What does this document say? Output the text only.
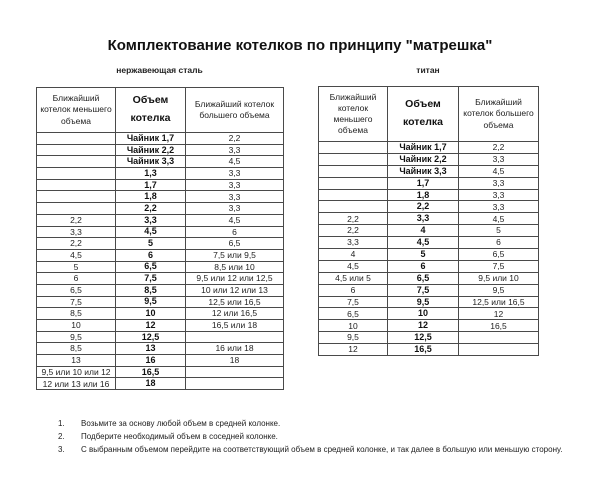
Комплектование котелков по принципу "матрешка"
нержавеющая сталь	титан
Ближайший котелок меньшего объема	Объем котелка	Ближайший котелок большего объема
	Чайник 1,7	2,2
	Чайник 2,2	3,3
	Чайник 3,3	4,5
	1,3	3,3
	1,7	3,3
	1,8	3,3
	2,2	3,3
2,2	3,3	4,5
3,3	4,5	6
2,2	5	6,5
4,5	6	7,5 или 9,5
5	6,5	8,5 или 10
6	7,5	9,5 или 12 или 12,5
6,5	8,5	10 или 12 или 13
7,5	9,5	12,5 или 16,5
8,5	10	12 или 16,5
10	12	16,5 или 18
9,5	12,5	
8,5	13	16 или 18
13	16	18
9,5 или 10 или 12	16,5	
12 или 13 или 16	18	
Ближайший котелок меньшего объема	Объем котелка	Ближайший котелок большего объема
	Чайник 1,7	2,2
	Чайник 2,2	3,3
	Чайник 3,3	4,5
	1,7	3,3
	1,8	3,3
	2,2	3,3
2,2	3,3	4,5
2,2	4	5
3,3	4,5	6
4	5	6,5
4,5	6	7,5
4,5 или 5	6,5	9,5 или 10
6	7,5	9,5
7,5	9,5	12,5 или 16,5
6,5	10	12
10	12	16,5
9,5	12,5	
12	16,5	
1.	Возьмите за основу любой объем в средней колонке.
2.	Подберите необходимый объем в соседней колонке.
3.	С выбранным объемом перейдите на соответствующий объем в средней колонке, и так далее в большую или меньшую сторону.
